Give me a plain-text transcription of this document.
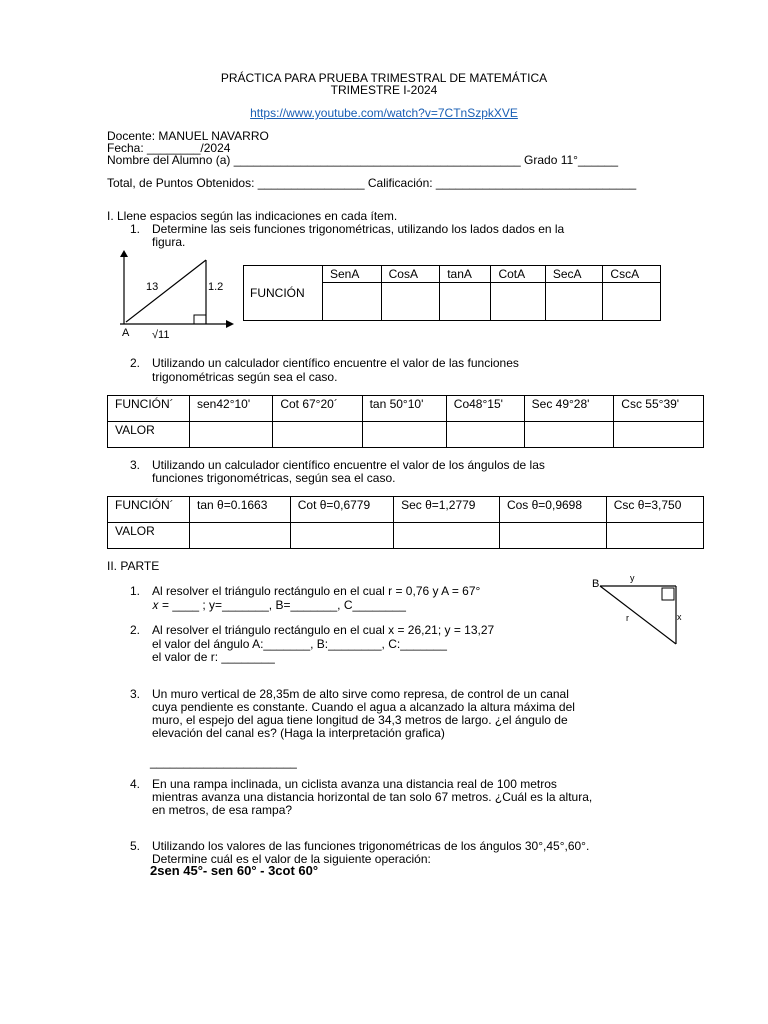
PRÁCTICA PARA PRUEBA TRIMESTRAL DE MATEMÁTICA
TRIMESTRE I-2024
https://www.youtube.com/watch?v=7CTnSzpkXVE
Docente: MANUEL NAVARRO
Fecha: ________/2024
Nombre del Alumno (a) ___________________________________________ Grado 11°______
Total, de Puntos Obtenidos: ________________ Calificación: ______________________________
I. Llene espacios según las indicaciones en cada ítem.
1. Determine las seis funciones trigonométricas, utilizando los lados dados en la
figura.
13	1.2
A √11
FUNCIÓN	SenA	CosA	tanA	CotA	SecA	CscA

2. Utilizando un calculador científico encuentre el valor de las funciones
trigonométricas según sea el caso.
FUNCIÓN´	sen42°10'	Cot 67°20´	tan 50°10'	Co48°15'	Sec 49°28'	Csc 55°39'
VALOR						
3. Utilizando un calculador científico encuentre el valor de los ángulos de las
funciones trigonométricas, según sea el caso.
FUNCIÓN´	tan θ=0.1663	Cot θ=0,6779	Sec θ=1,2779	Cos θ=0,9698	Csc θ=3,750
VALOR					
II. PARTE
B	y
r	x
1. Al resolver el triángulo rectángulo en el cual r = 0,76 y A = 67°
𝑥 = ____ ; y=_______, B=_______, C________
2. Al resolver el triángulo rectángulo en el cual x = 26,21; y = 13,27
el valor del ángulo A:_______, B:________, C:_______
el valor de r: ________
3. Un muro vertical de 28,35m de alto sirve como represa, de control de un canal
cuya pendiente es constante. Cuando el agua a alcanzado la altura máxima del
muro, el espejo del agua tiene longitud de 34,3 metros de largo. ¿el ángulo de
elevación del canal es? (Haga la interpretación grafica)
______________________
4. En una rampa inclinada, un ciclista avanza una distancia real de 100 metros
mientras avanza una distancia horizontal de tan solo 67 metros. ¿Cuál es la altura,
en metros, de esa rampa?
5. Utilizando los valores de las funciones trigonométricas de los ángulos 30°,45°,60°.
Determine cuál es el valor de la siguiente operación:
2sen 45°- sen 60° - 3cot 60°
